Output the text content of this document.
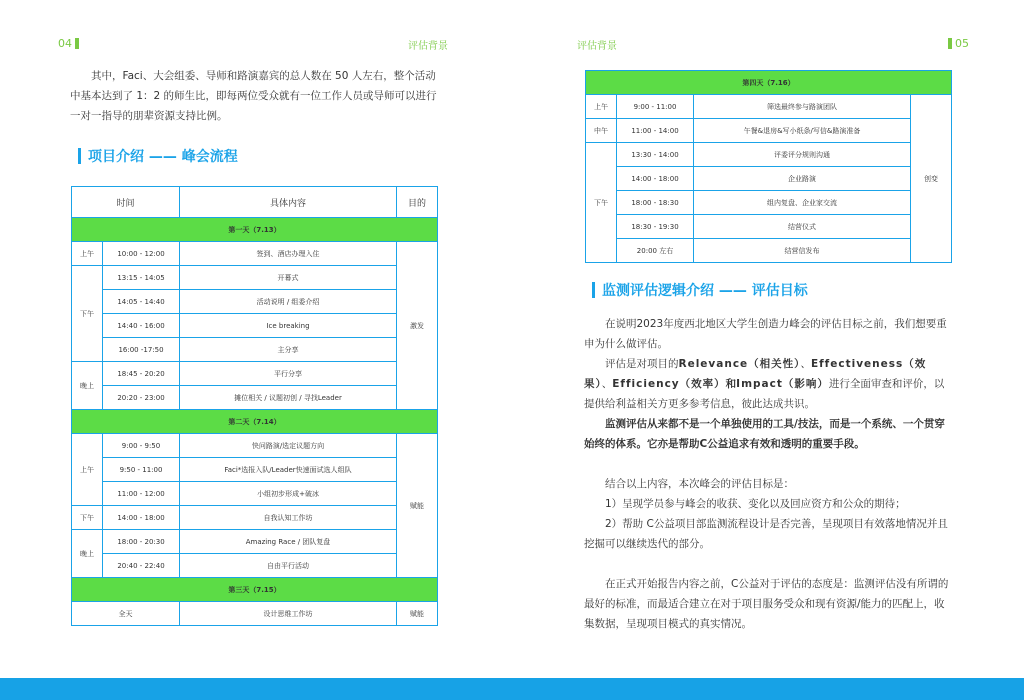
04	评估背景	评估背景	05
其中，Faci、大会组委、导师和路演嘉宾的总人数在 50 人左右，整个活动中基本达到了 1：2 的师生比，即每两位受众就有一位工作人员或导师可以进行一对一指导的朋辈资源支持比例。
项目介绍 —— 峰会流程
时间		具体内容	目的
第一天（7.13）			
上午	10:00 - 12:00	签到、酒店办理入住	激发
下午	13:15 - 14:05	开幕式	
	14:05 - 14:40	活动说明 / 组委介绍	
	14:40 - 16:00	Ice breaking	
	16:00 -17:50	主分享	
晚上	18:45 - 20:20	平行分享	
	20:20 - 23:00	摊位相关 / 议题初创 / 寻找Leader	
第二天（7.14）			
上午	9:00 - 9:50	快问路演/选定议题方向	赋能
	9:50 - 11:00	Faci*选报入队/Leader快速面试选人组队	
	11:00 - 12:00	小组初步形成+破冰	
下午	14:00 - 18:00	自我认知工作坊	
晚上	18:00 - 20:30	Amazing Race / 团队复盘	
	20:40 - 22:40	自由平行活动	
第三天（7.15）			
全天		设计思维工作坊	赋能
第四天（7.16）			
上午	9:00 - 11:00	筛选最终参与路演团队	创变
中午	11:00 - 14:00	午餐&退房&写小纸条/写信&路演准备	
下午	13:30 - 14:00	评委评分规则沟通	
	14:00 - 18:00	企业路演	
	18:00 - 18:30	组内复盘、企业家交流	
	18:30 - 19:30	结营仪式	
	20:00 左右	结营信发布	
监测评估逻辑介绍 —— 评估目标

在说明2023年度西北地区大学生创造力峰会的评估目标之前，我们想要重申为什么做评估。

评估是对项目的Relevance（相关性）、Effectiveness（效果）、Efficiency（效率）和Impact（影响）进行全面审查和评价，以提供给利益相关方更多参考信息，彼此达成共识。

监测评估从来都不是一个单独使用的工具/技法，而是一个系统、一个贯穿始终的体系。它亦是帮助C公益追求有效和透明的重要手段。

结合以上内容，本次峰会的评估目标是：

1）呈现学员参与峰会的收获、变化以及回应资方和公众的期待；

2）帮助 C公益项目部监测流程设计是否完善，呈现项目有效落地情况并且挖掘可以继续迭代的部分。

在正式开始报告内容之前，C公益对于评估的态度是：监测评估没有所谓的最好的标准，而最适合建立在对于项目服务受众和现有资源/能力的匹配上，收集数据，呈现项目模式的真实情况。
